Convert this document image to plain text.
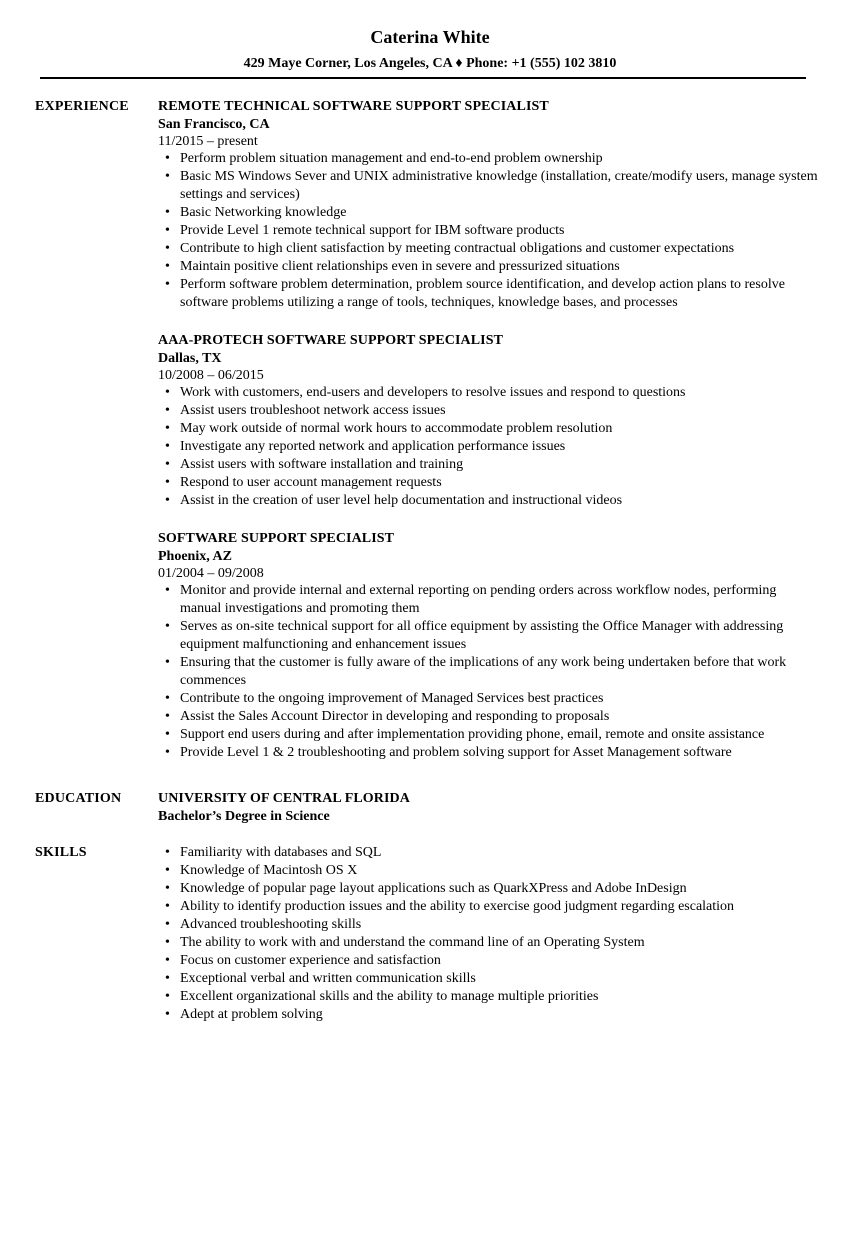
Caterina White
429 Maye Corner, Los Angeles, CA ♦ Phone: +1 (555) 102 3810
EXPERIENCE REMOTE TECHNICAL SOFTWARE SUPPORT SPECIALIST
San Francisco, CA
11/2015 – present
• Perform problem situation management and end-to-end problem ownership
• Basic MS Windows Sever and UNIX administrative knowledge (installation, create/modify users, manage system settings and services)
• Basic Networking knowledge
• Provide Level 1 remote technical support for IBM software products
• Contribute to high client satisfaction by meeting contractual obligations and customer expectations
• Maintain positive client relationships even in severe and pressurized situations
• Perform software problem determination, problem source identification, and develop action plans to resolve software problems utilizing a range of tools, techniques, knowledge bases, and processes
AAA-PROTECH SOFTWARE SUPPORT SPECIALIST
Dallas, TX
10/2008 – 06/2015
• Work with customers, end-users and developers to resolve issues and respond to questions
• Assist users troubleshoot network access issues
• May work outside of normal work hours to accommodate problem resolution
• Investigate any reported network and application performance issues
• Assist users with software installation and training
• Respond to user account management requests
• Assist in the creation of user level help documentation and instructional videos
SOFTWARE SUPPORT SPECIALIST
Phoenix, AZ
01/2004 – 09/2008
• Monitor and provide internal and external reporting on pending orders across workflow nodes, performing manual investigations and promoting them
• Serves as on-site technical support for all office equipment by assisting the Office Manager with addressing equipment malfunctioning and enhancement issues
• Ensuring that the customer is fully aware of the implications of any work being undertaken before that work commences
• Contribute to the ongoing improvement of Managed Services best practices
• Assist the Sales Account Director in developing and responding to proposals
• Support end users during and after implementation providing phone, email, remote and onsite assistance
• Provide Level 1 & 2 troubleshooting and problem solving support for Asset Management software
EDUCATION	UNIVERSITY OF CENTRAL FLORIDA
Bachelor’s Degree in Science
SKILLS
•	Familiarity with databases and SQL
• Knowledge of Macintosh OS X
• Knowledge of popular page layout applications such as QuarkXPress and Adobe InDesign
• Ability to identify production issues and the ability to exercise good judgment regarding escalation
• Advanced troubleshooting skills
• The ability to work with and understand the command line of an Operating System
• Focus on customer experience and satisfaction
• Exceptional verbal and written communication skills
• Excellent organizational skills and the ability to manage multiple priorities
• Adept at problem solving
